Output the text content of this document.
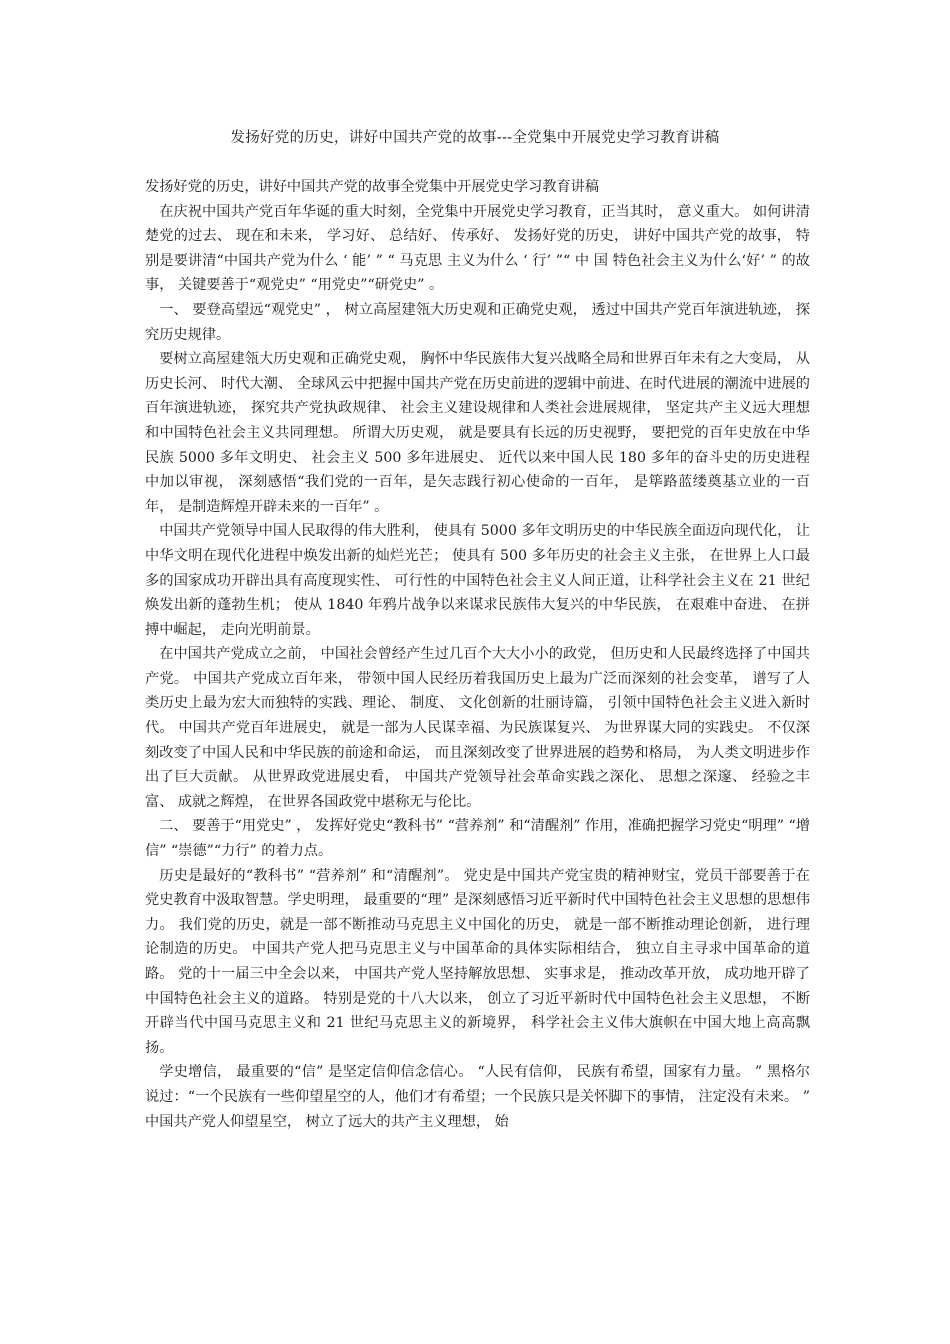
发扬好党的历史，讲好中国共产党的故事---全党集中开展党史学习教育讲稿

发扬好党的历史，讲好中国共产党的故事全党集中开展党史学习教育讲稿

在庆祝中国共产党百年华诞的重大时刻，全党集中开展党史学习教育，正当其时， 意义重大。 如何讲清楚党的过去、 现在和未来， 学习好、 总结好、 传承好、 发扬好党的历史， 讲好中国共产党的故事， 特别是要讲清“中国共产党为什么 ‘ 能’ ” “ 马克思 主义为什么 ‘ 行’ ”“ 中 国 特色社会主义为什么‘好’ ” 的故事， 关键要善于“观党史” “用党史”“研党史” 。

一、 要登高望远“观党史” ， 树立高屋建瓴大历史观和正确党史观， 透过中国共产党百年演进轨迹， 探究历史规律。

要树立高屋建瓴大历史观和正确党史观， 胸怀中华民族伟大复兴战略全局和世界百年未有之大变局， 从历史长河、 时代大潮、 全球风云中把握中国共产党在历史前进的逻辑中前进、在时代进展的潮流中进展的百年演进轨迹， 探究共产党执政规律、 社会主义建设规律和人类社会进展规律， 坚定共产主义远大理想和中国特色社会主义共同理想。 所谓大历史观， 就是要具有长远的历史视野， 要把党的百年史放在中华民族 5000 多年文明史、 社会主义 500 多年进展史、 近代以来中国人民 180 多年的奋斗史的历史进程中加以审视， 深刻感悟“我们党的一百年，是矢志践行初心使命的一百年， 是筚路蓝缕奠基立业的一百年， 是制造辉煌开辟未来的一百年” 。

中国共产党领导中国人民取得的伟大胜利， 使具有 5000 多年文明历史的中华民族全面迈向现代化， 让中华文明在现代化进程中焕发出新的灿烂光芒； 使具有 500 多年历史的社会主义主张， 在世界上人口最多的国家成功开辟出具有高度现实性、 可行性的中国特色社会主义人间正道，让科学社会主义在 21 世纪焕发出新的蓬勃生机； 使从 1840 年鸦片战争以来谋求民族伟大复兴的中华民族， 在艰难中奋进、 在拼搏中崛起， 走向光明前景。

在中国共产党成立之前， 中国社会曾经产生过几百个大大小小的政党， 但历史和人民最终选择了中国共产党。 中国共产党成立百年来， 带领中国人民经历着我国历史上最为广泛而深刻的社会变革， 谱写了人类历史上最为宏大而独特的实践、理论、 制度、 文化创新的壮丽诗篇， 引领中国特色社会主义进入新时代。 中国共产党百年进展史， 就是一部为人民谋幸福、为民族谋复兴、 为世界谋大同的实践史。 不仅深刻改变了中国人民和中华民族的前途和命运， 而且深刻改变了世界进展的趋势和格局， 为人类文明进步作出了巨大贡献。 从世界政党进展史看， 中国共产党领导社会革命实践之深化、 思想之深邃、 经验之丰富、 成就之辉煌， 在世界各国政党中堪称无与伦比。

二、 要善于“用党史” ， 发挥好党史“教科书” “营养剂” 和“清醒剂” 作用，准确把握学习党史“明理” “增信” “崇德”“力行” 的着力点。

历史是最好的“教科书” “营养剂” 和“清醒剂”。 党史是中国共产党宝贵的精神财宝，党员干部要善于在党史教育中汲取智慧。学史明理， 最重要的“理” 是深刻感悟习近平新时代中国特色社会主义思想的思想伟力。 我们党的历史，就是一部不断推动马克思主义中国化的历史， 就是一部不断推动理论创新， 进行理论制造的历史。 中国共产党人把马克思主义与中国革命的具体实际相结合， 独立自主寻求中国革命的道路。 党的十一届三中全会以来， 中国共产党人坚持解放思想、 实事求是， 推动改革开放， 成功地开辟了中国特色社会主义的道路。 特别是党的十八大以来， 创立了习近平新时代中国特色社会主义思想， 不断开辟当代中国马克思主义和 21 世纪马克思主义的新境界， 科学社会主义伟大旗帜在中国大地上高高飘扬。

学史增信， 最重要的“信” 是坚定信仰信念信心。 “人民有信仰， 民族有希望，国家有力量。 ” 黑格尔说过：“一个民族有一些仰望星空的人，他们才有希望；一个民族只是关怀脚下的事情， 注定没有未来。 ” 中国共产党人仰望星空， 树立了远大的共产主义理想， 始
